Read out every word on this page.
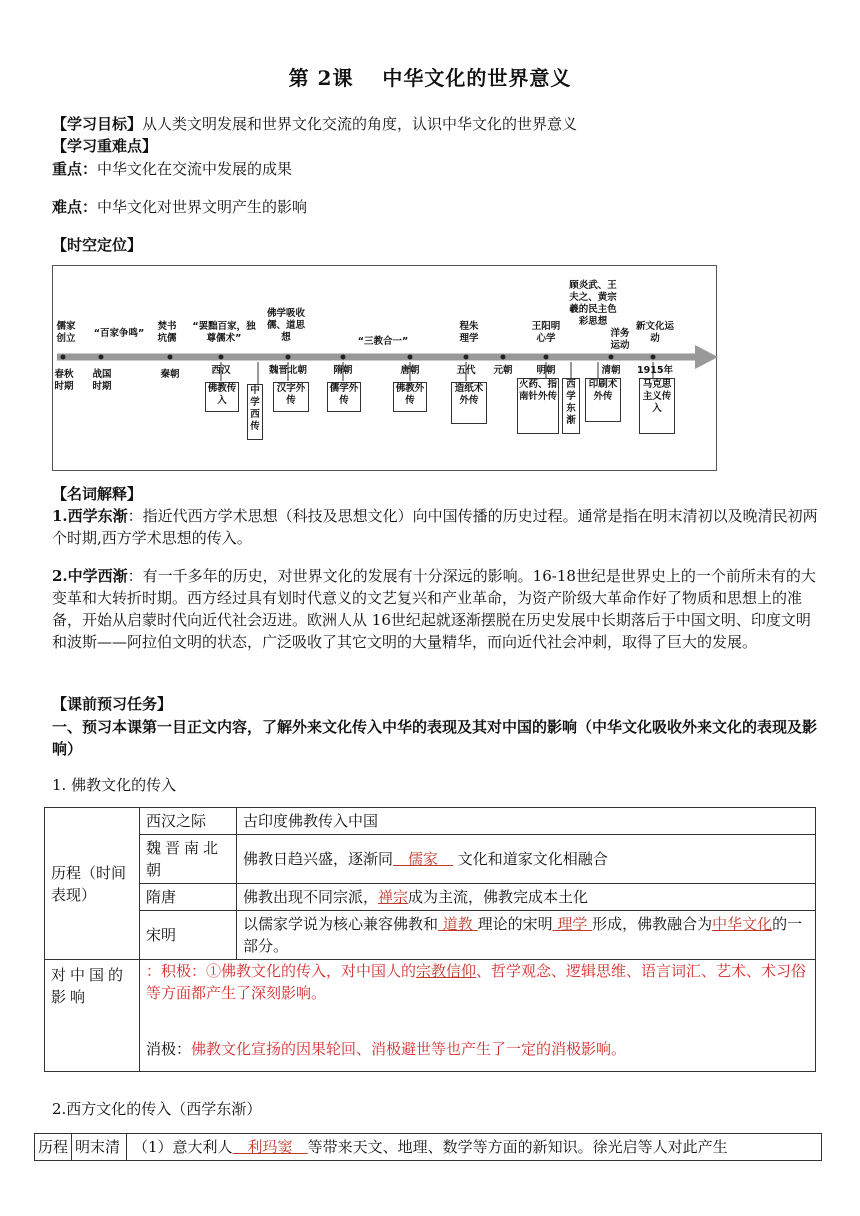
第 2课　 中华文化的世界意义
【学习目标】从人类文明发展和世界文化交流的角度，认识中华文化的世界意义
【学习重难点】
重点：中华文化在交流中发展的成果
难点：中华文化对世界文明产生的影响
【时空定位】
春秋时期
战国时期
秦朝	西汉	魏晋北朝	隋朝	唐朝	五代	元朝	明朝	清朝	1915年
儒家创立	“百家争鸣”
焚书坑儒
“罢黜百家，独尊儒术”
佛学吸收儒、道思想	“三教合一”
程朱理学
王阳明心学
顾炎武、王夫之、黄宗羲的民主色彩思想
洋务运动
新文化运动
佛教传入
中学西传
汉字外传
儒学外传
佛教外传
造纸术外传
火药、指南针外传
西学东渐
印刷术外传
马克思主义传入
【名词解释】
1.西学东渐：指近代西方学术思想（科技及思想文化）向中国传播的历史过程。通常是指在明末清初以及晚清民初两个时期,西方学术思想的传入。
2.中学西渐：有一千多年的历史，对世界文化的发展有十分深远的影响。16-18世纪是世界史上的一个前所未有的大变革和大转折时期。西方经过具有划时代意义的文艺复兴和产业革命，为资产阶级大革命作好了物质和思想上的准备，开始从启蒙时代向近代社会迈进。欧洲人从 16世纪起就逐渐摆脱在历史发展中长期落后于中国文明、印度文明和波斯——阿拉伯文明的状态，广泛吸收了其它文明的大量精华，而向近代社会冲刺，取得了巨大的发展。
【课前预习任务】
一、预习本课第一目正文内容，了解外来文化传入中华的表现及其对中国的影响（中华文化吸收外来文化的表现及影响）
1. 佛教文化的传入
历程（时间表现）	西汉之际	古印度佛教传入中国
	魏晋南北朝	佛教日趋兴盛，逐渐同　儒家　 文化和道家文化相融合
	隋唐	佛教出现不同宗派，禅宗成为主流，佛教完成本土化
	宋明	以儒家学说为核心兼容佛教和 道教 理论的宋明 理学 形成，佛教融合为中华文化的一部分。
对中国的影响	：积极：①佛教文化的传入，对中国人的宗教信仰、哲学观念、逻辑思维、语言词汇、艺术、术习俗等方面都产生了深刻影响。
消极：佛教文化宣扬的因果轮回、消极避世等也产生了一定的消极影响。	
2.西方文化的传入（西学东渐）
历程	明末清	（1）意大利人　利玛窦　等带来天文、地理、数学等方面的新知识。徐光启等人对此产生
